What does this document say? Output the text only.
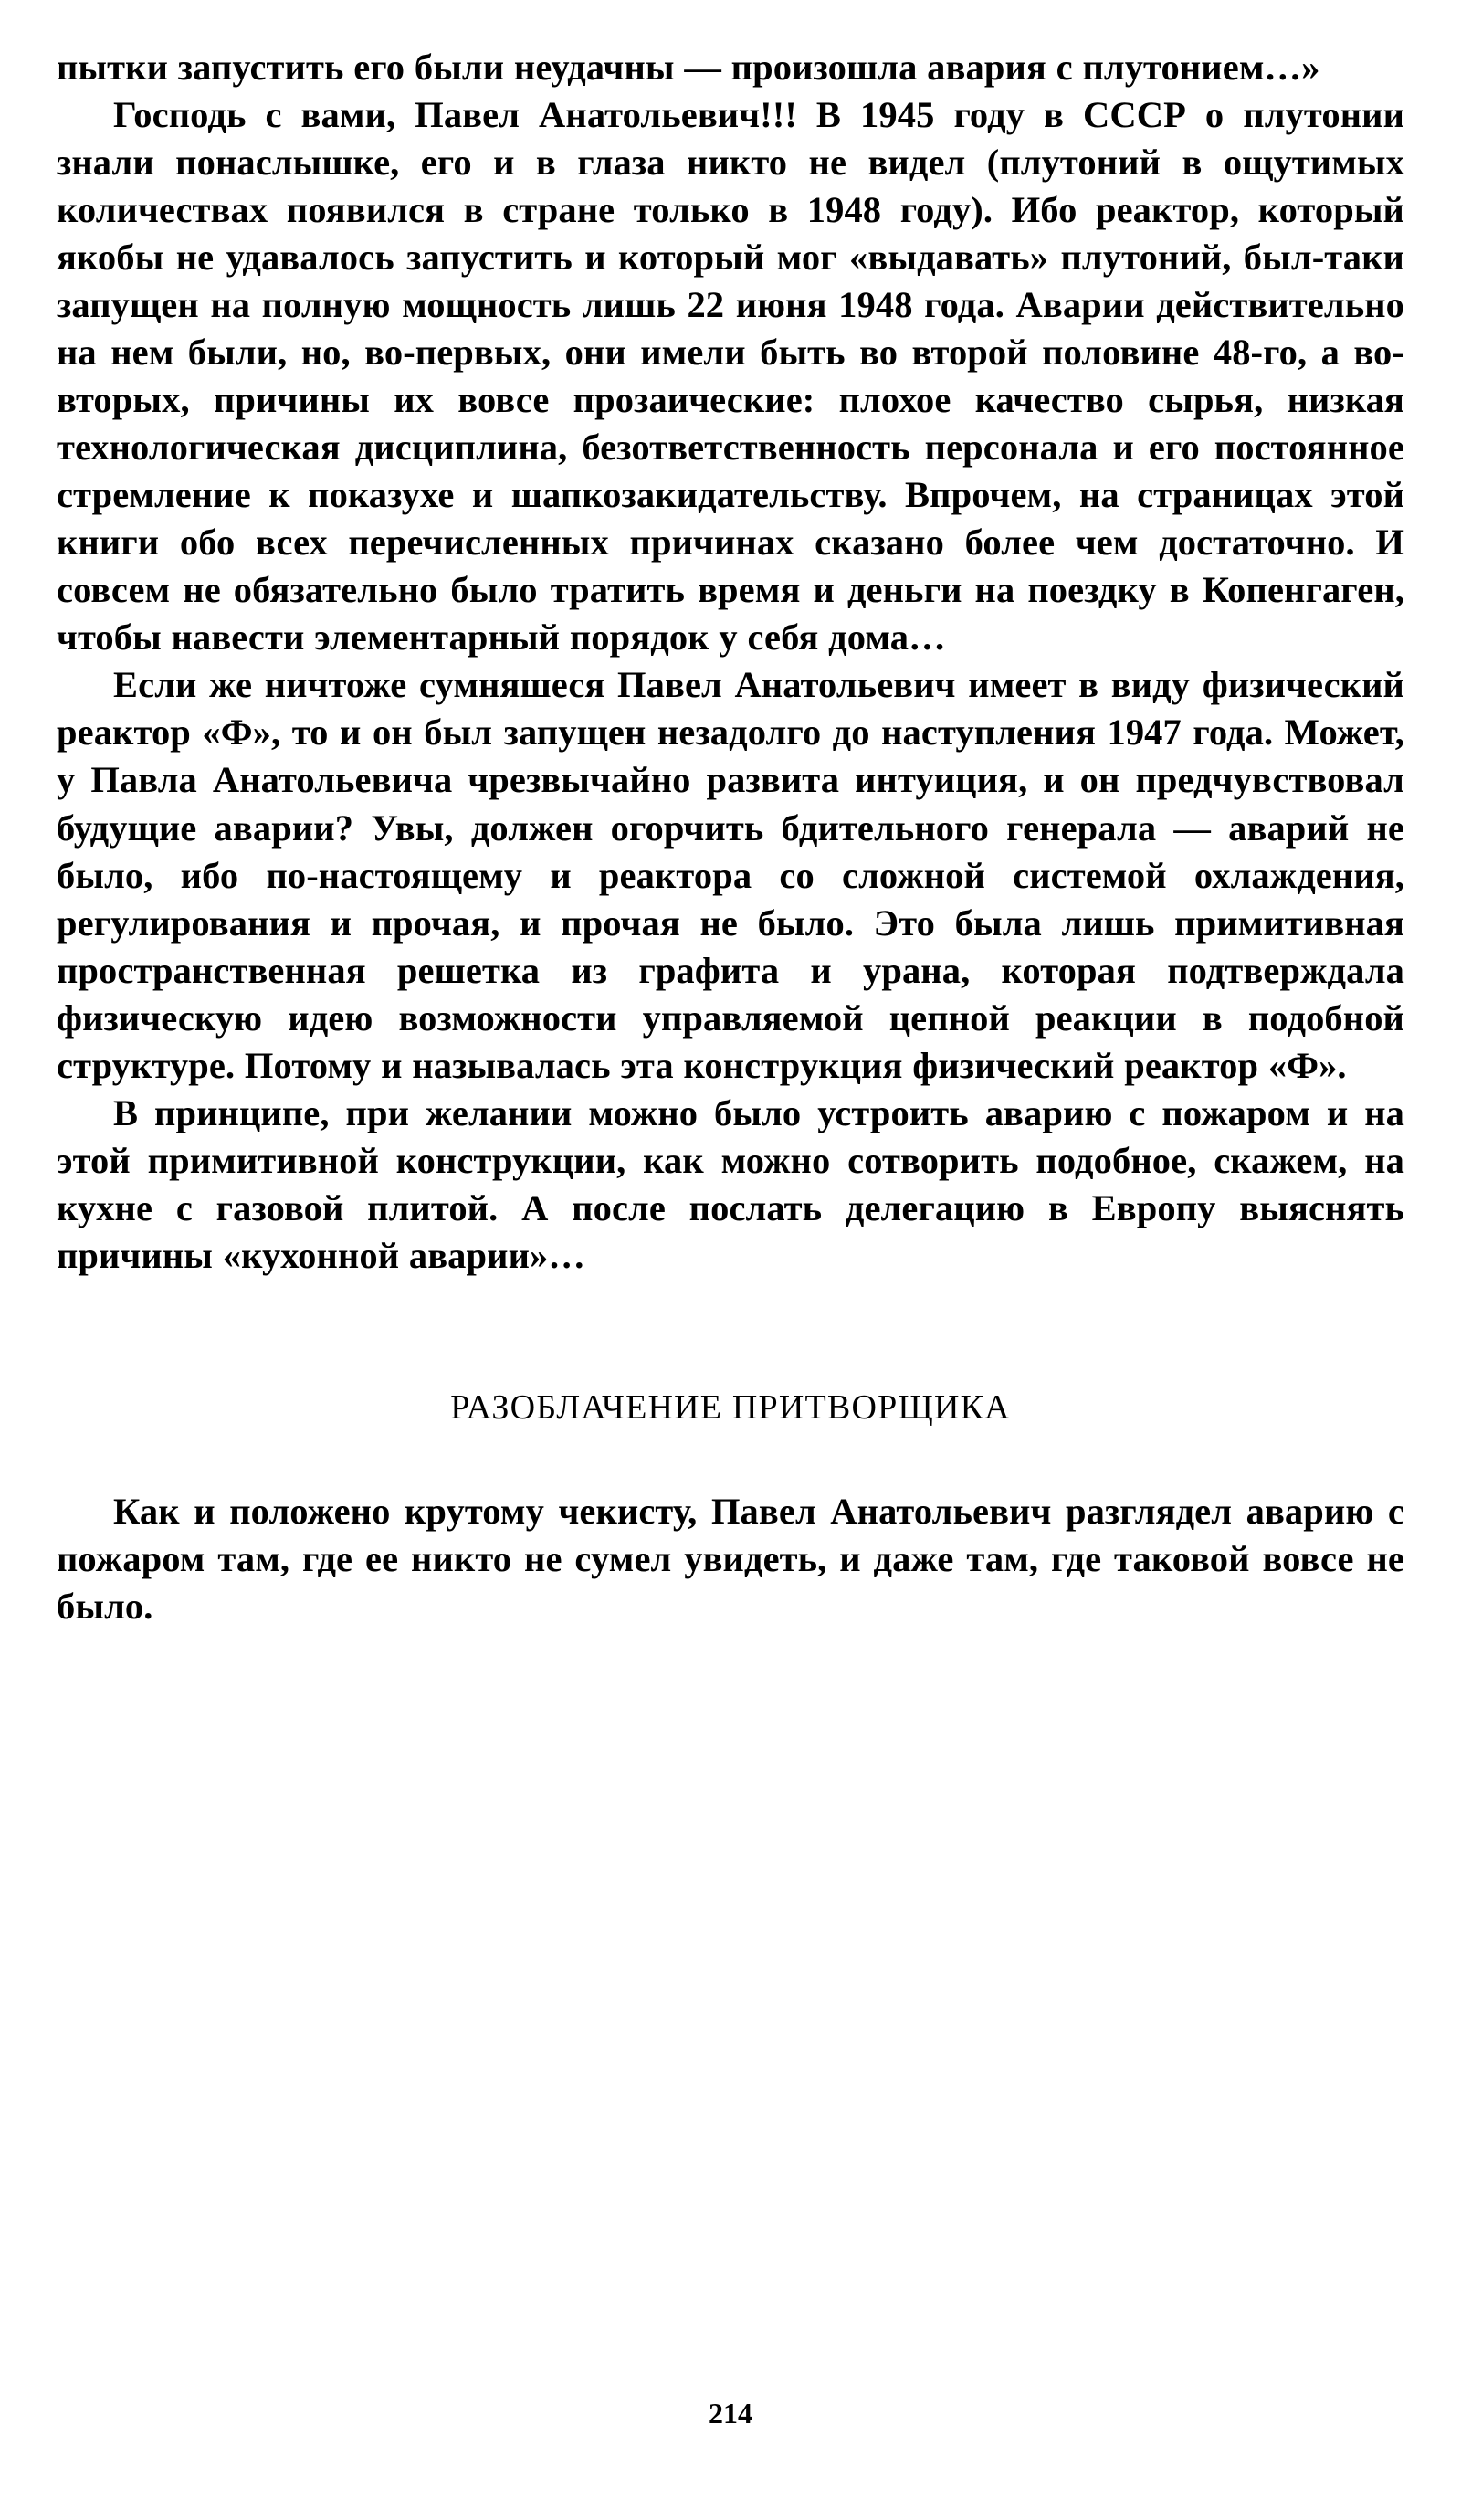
пытки запустить его были неудачны — произошла авария с плутонием…»

Господь с вами, Павел Анатольевич!!! В 1945 году в СССР о плутонии знали понаслышке, его и в глаза никто не видел (плутоний в ощутимых количествах появился в стране только в 1948 году). Ибо реактор, который якобы не удавалось запустить и который мог «выдавать» плутоний, был-таки запущен на полную мощность лишь 22 июня 1948 года. Аварии действительно на нем были, но, во-первых, они имели быть во второй половине 48-го, а во-вторых, причины их вовсе прозаические: плохое качество сырья, низкая технологическая дисциплина, безответственность персонала и его постоянное стремление к показухе и шапкозакидательству. Впрочем, на страницах этой книги обо всех перечисленных причинах сказано более чем достаточно. И совсем не обязательно было тратить время и деньги на поездку в Копенгаген, чтобы навести элементарный порядок у себя дома…

Если же ничтоже сумняшеся Павел Анатольевич имеет в виду физический реактор «Ф», то и он был запущен незадолго до наступления 1947 года. Может, у Павла Анатольевича чрезвычайно развита интуиция, и он предчувствовал будущие аварии? Увы, должен огорчить бдительного генерала — аварий не было, ибо по-настоящему и реактора со сложной системой охлаждения, регулирования и прочая, и прочая не было. Это была лишь примитивная пространственная решетка из графита и урана, которая подтверждала физическую идею возможности управляемой цепной реакции в подобной структуре. Потому и называлась эта конструкция физический реактор «Ф».

В принципе, при желании можно было устроить аварию с пожаром и на этой примитивной конструкции, как можно сотворить подобное, скажем, на кухне с газовой плитой. А после послать делегацию в Европу выяснять причины «кухонной аварии»…

РАЗОБЛАЧЕНИЕ ПРИТВОРЩИКА

Как и положено крутому чекисту, Павел Анатольевич разглядел аварию с пожаром там, где ее никто не сумел увидеть, и даже там, где таковой вовсе не было.

214
